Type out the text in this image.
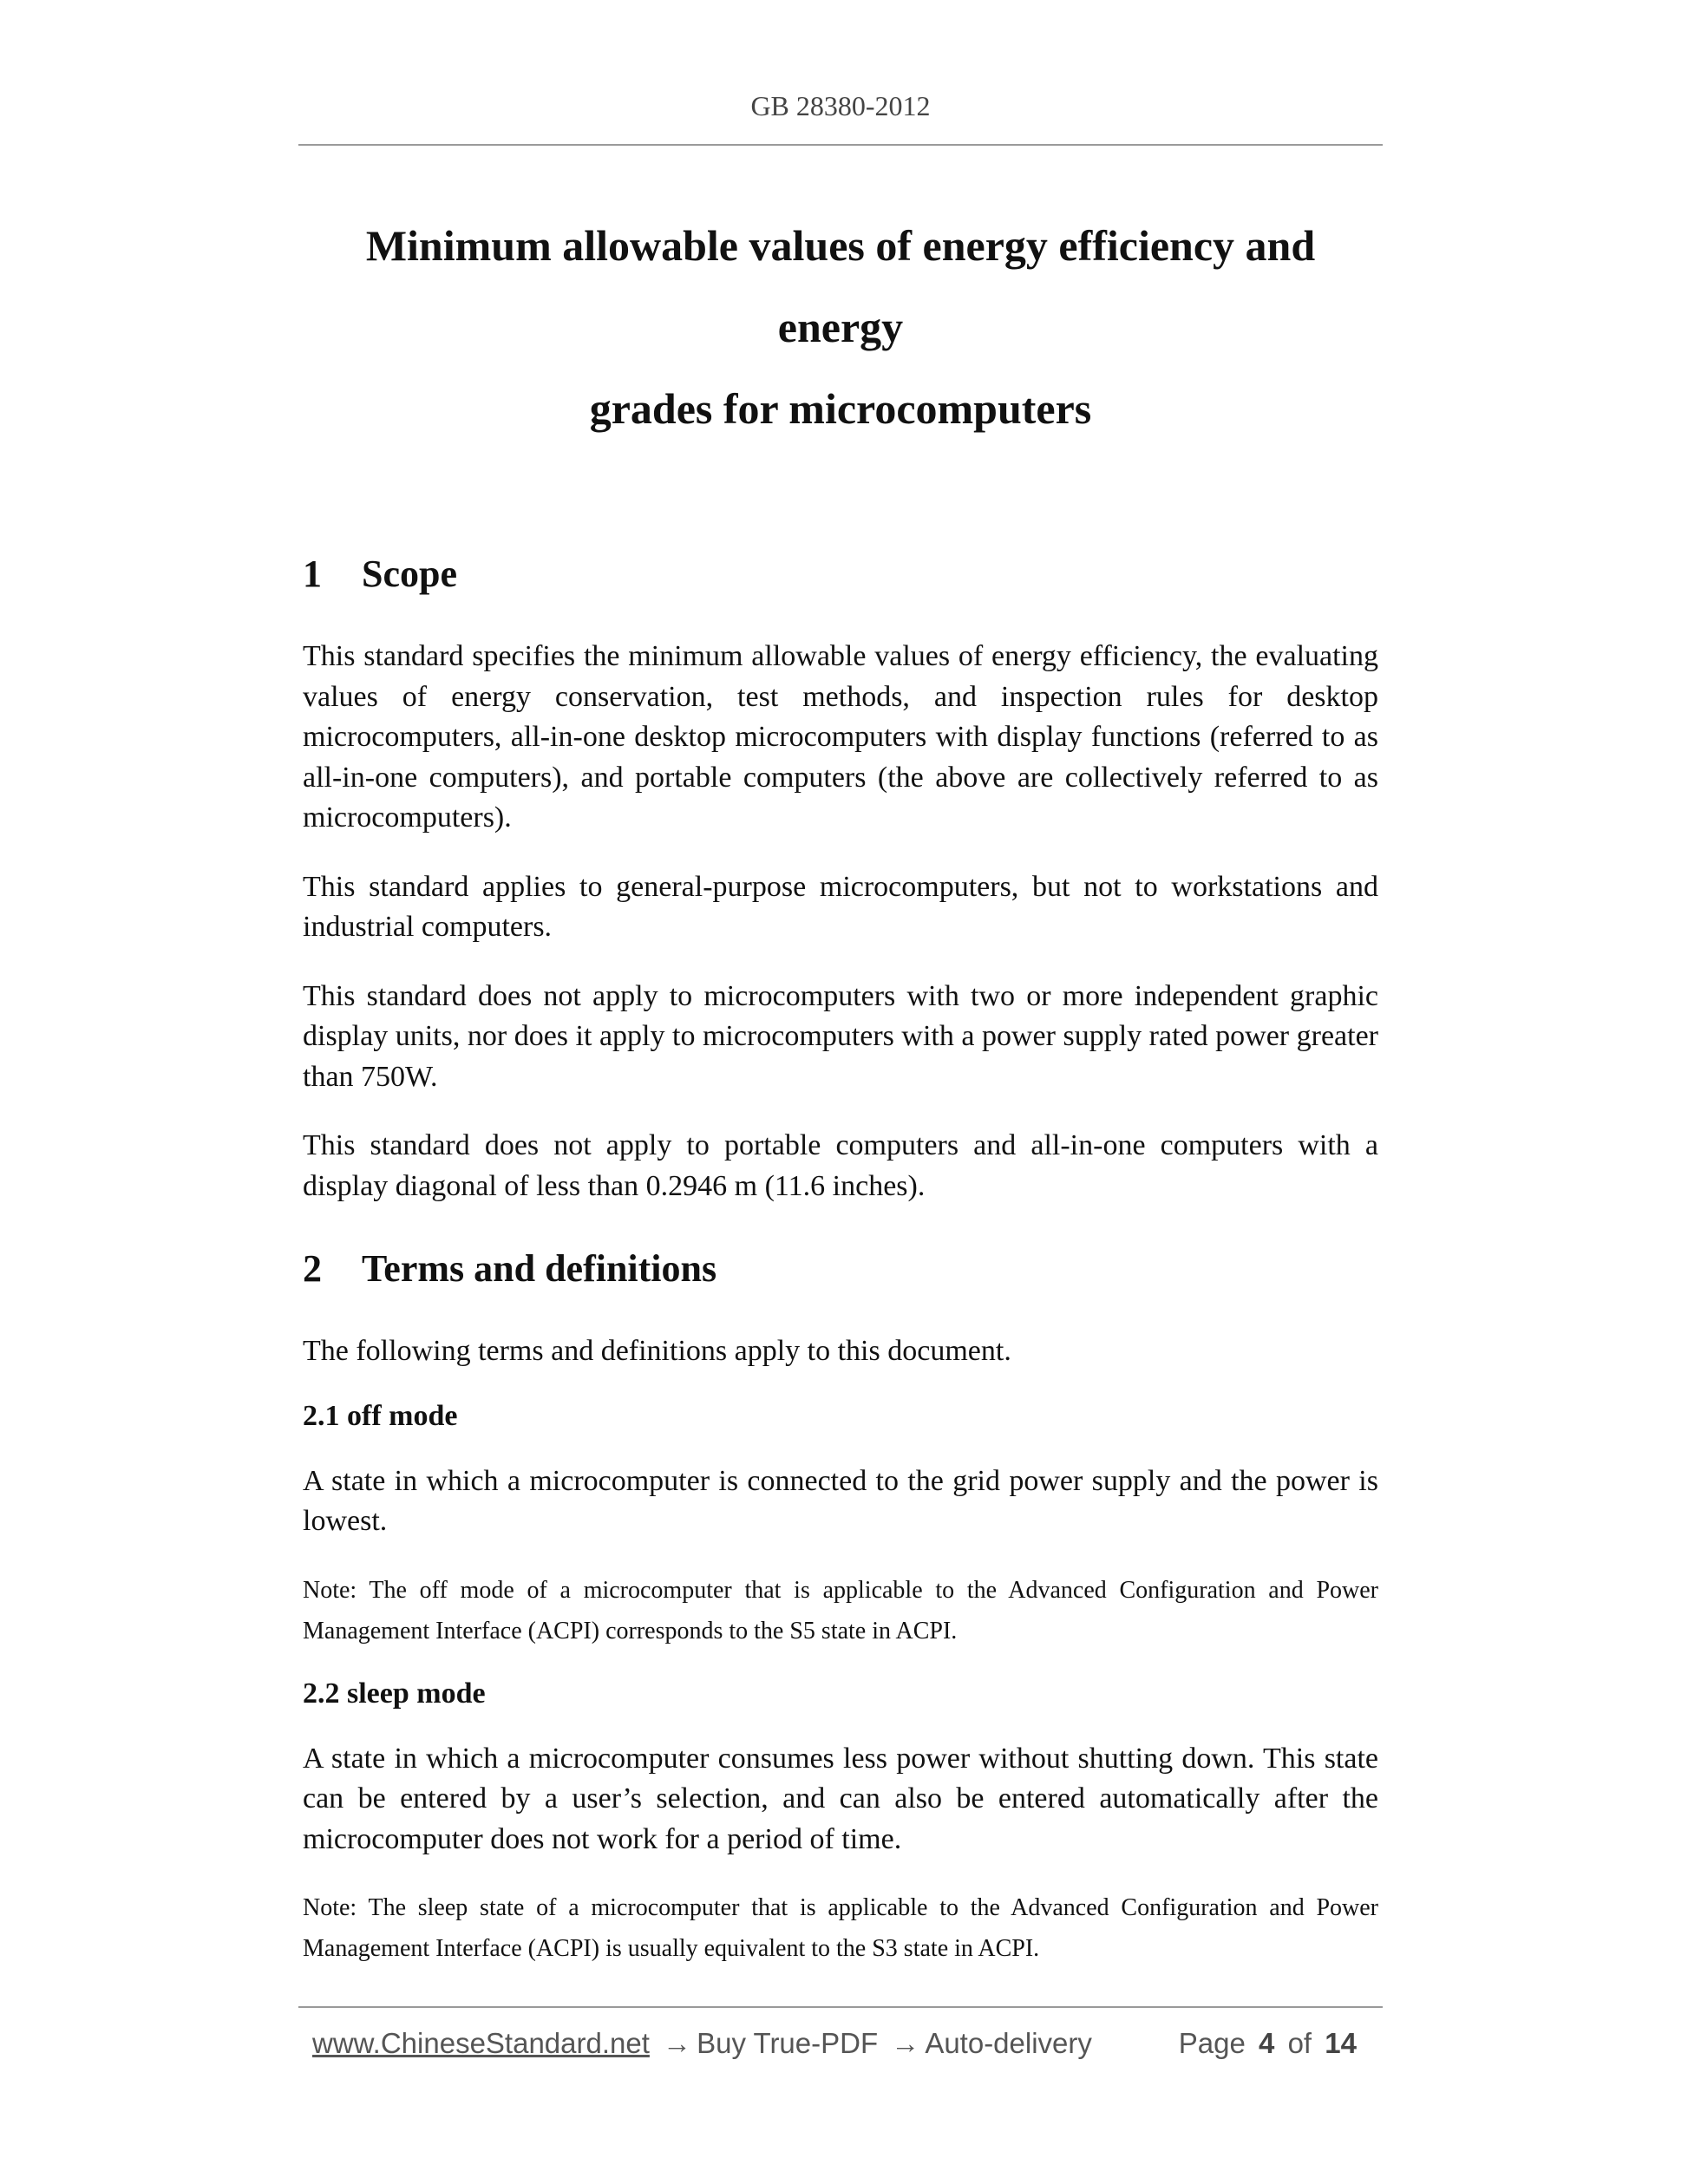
GB 28380-2012
Minimum allowable values of energy efficiency and energy
grades for microcomputers
1 Scope

This standard specifies the minimum allowable values of energy efficiency, the evaluating values of energy conservation, test methods, and inspection rules for desktop microcomputers, all-in-one desktop microcomputers with display functions (referred to as all-in-one computers), and portable computers (the above are collectively referred to as microcomputers).

This standard applies to general-purpose microcomputers, but not to workstations and industrial computers.

This standard does not apply to microcomputers with two or more independent graphic display units, nor does it apply to microcomputers with a power supply rated power greater than 750W.

This standard does not apply to portable computers and all-in-one computers with a display diagonal of less than 0.2946 m (11.6 inches).

2 Terms and definitions

The following terms and definitions apply to this document.

2.1 off mode

A state in which a microcomputer is connected to the grid power supply and the power is lowest.

Note: The off mode of a microcomputer that is applicable to the Advanced Configuration and Power Management Interface (ACPI) corresponds to the S5 state in ACPI.

2.2 sleep mode

A state in which a microcomputer consumes less power without shutting down. This state can be entered by a user’s selection, and can also be entered automatically after the microcomputer does not work for a period of time.

Note: The sleep state of a microcomputer that is applicable to the Advanced Configuration and Power Management Interface (ACPI) is usually equivalent to the S3 state in ACPI.

www.ChineseStandard.net → Buy True-PDF → Auto-delivery	Page 4 of 14
